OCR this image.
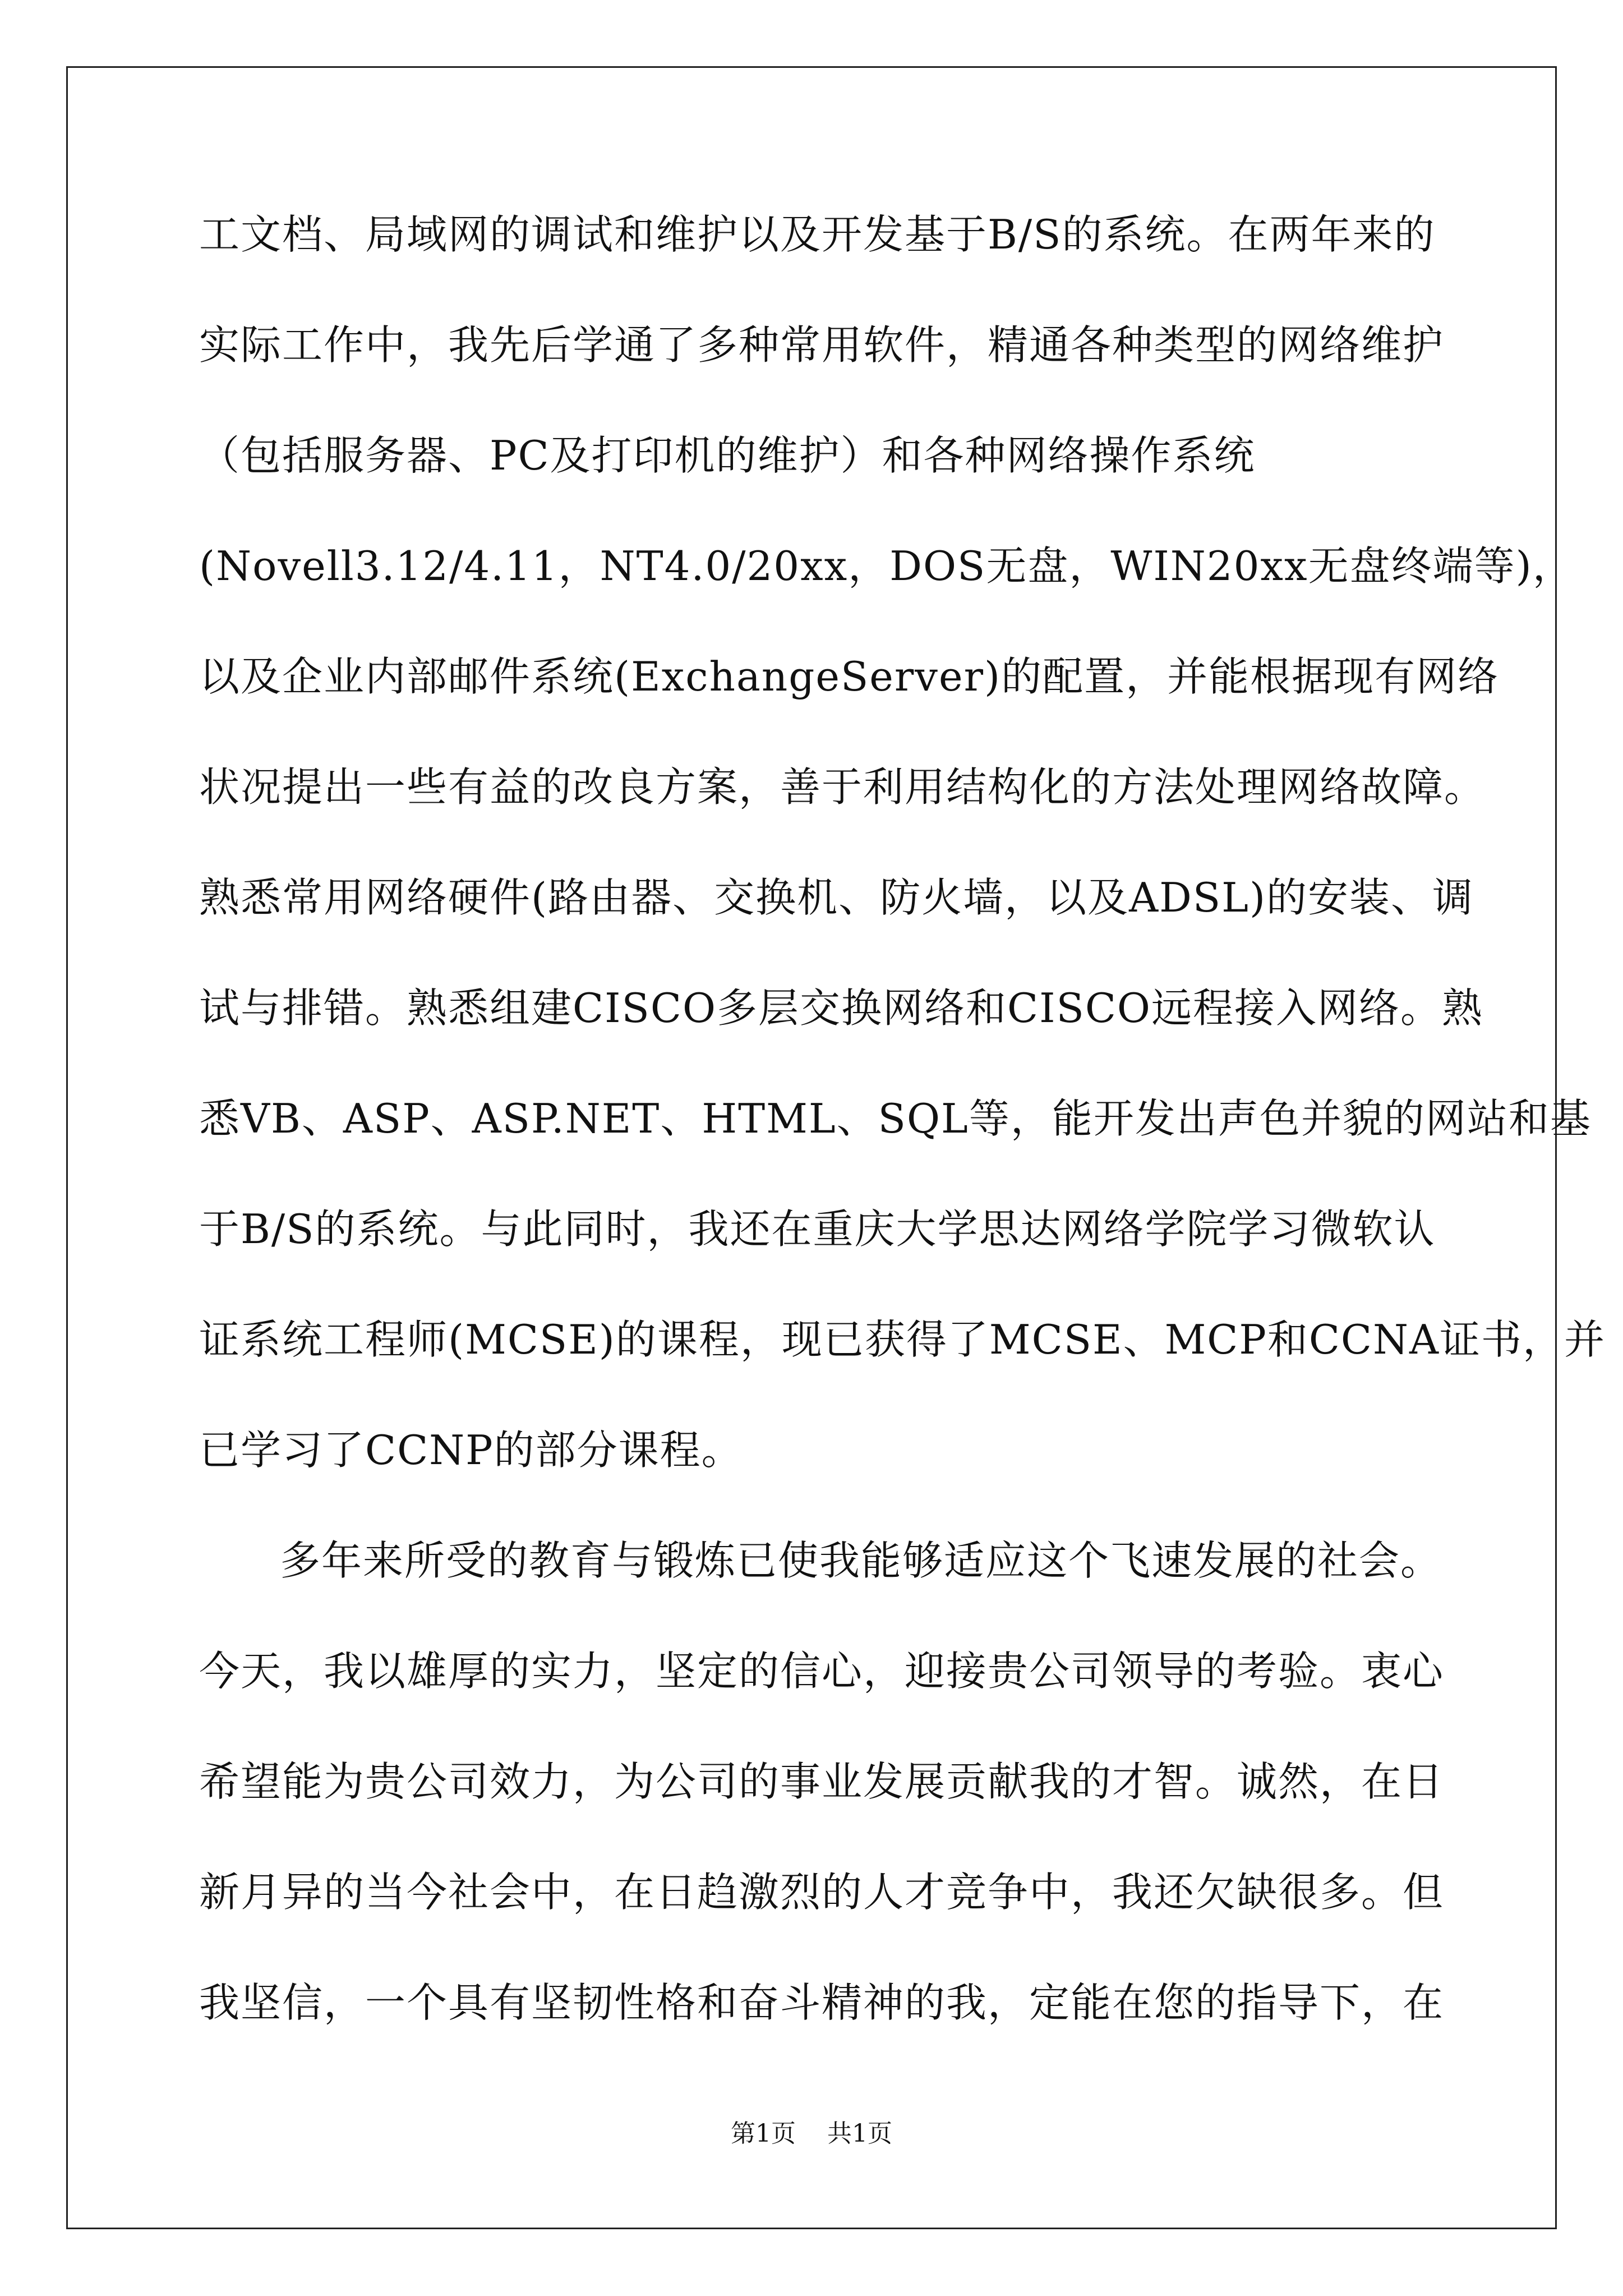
工文档、局域网的调试和维护以及开发基于B/S的系统。在两年来的
实际工作中，我先后学通了多种常用软件，精通各种类型的网络维护
（包括服务器、PC及打印机的维护）和各种网络操作系统
(Novell3.12/4.11，NT4.0/20xx，DOS无盘，WIN20xx无盘终端等)，
以及企业内部邮件系统(ExchangeServer)的配置，并能根据现有网络
状况提出一些有益的改良方案，善于利用结构化的方法处理网络故障。
熟悉常用网络硬件(路由器、交换机、防火墙，以及ADSL)的安装、调
试与排错。熟悉组建CISCO多层交换网络和CISCO远程接入网络。熟
悉VB、ASP、ASP.NET、HTML、SQL等，能开发出声色并貌的网站和基
于B/S的系统。与此同时，我还在重庆大学思达网络学院学习微软认
证系统工程师(MCSE)的课程，现已获得了MCSE、MCP和CCNA证书，并
已学习了CCNP的部分课程。
多年来所受的教育与锻炼已使我能够适应这个飞速发展的社会。
今天，我以雄厚的实力，坚定的信心，迎接贵公司领导的考验。衷心
希望能为贵公司效力，为公司的事业发展贡献我的才智。诚然，在日
新月异的当今社会中，在日趋激烈的人才竞争中，我还欠缺很多。但
我坚信，一个具有坚韧性格和奋斗精神的我，定能在您的指导下，在
第1页 共1页
